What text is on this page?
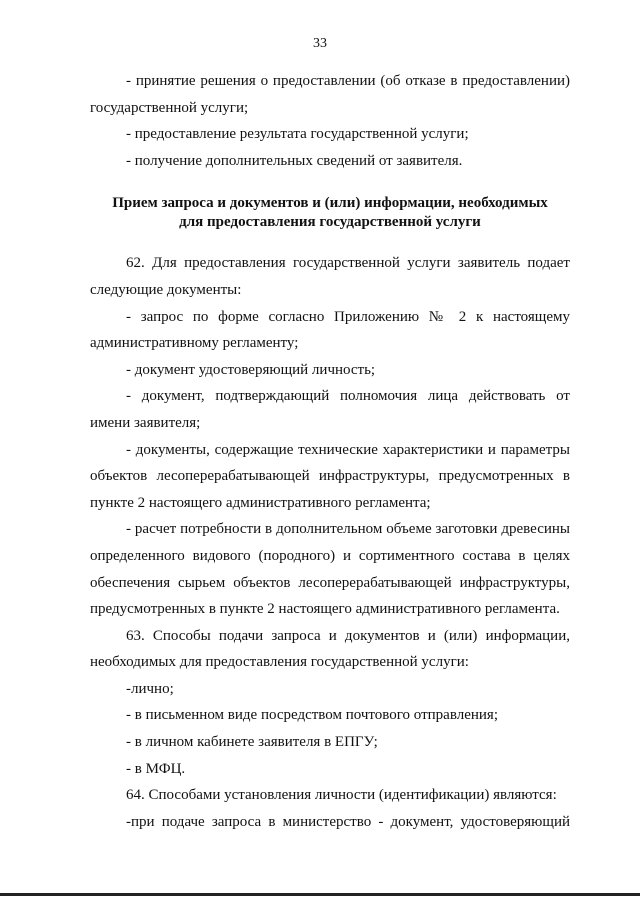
33

- принятие решения о предоставлении (об отказе в предоставлении) государственной услуги;

- предоставление результата государственной услуги;

- получение дополнительных сведений от заявителя.

Прием запроса и документов и (или) информации, необходимых
для предоставления государственной услуги

62. Для предоставления государственной услуги заявитель подает следующие документы:

- запрос по форме согласно Приложению № 2 к настоящему административному регламенту;

- документ удостоверяющий личность;

- документ, подтверждающий полномочия лица действовать от имени заявителя;

- документы, содержащие технические характеристики и параметры объектов лесоперерабатывающей инфраструктуры, предусмотренных в пункте 2 настоящего административного регламента;

- расчет потребности в дополнительном объеме заготовки древесины определенного видового (породного) и сортиментного состава в целях обеспечения сырьем объектов лесоперерабатывающей инфраструктуры, предусмотренных в пункте 2 настоящего административного регламента.

63. Способы подачи запроса и документов и (или) информации, необходимых для предоставления государственной услуги:

-лично;

- в письменном виде посредством почтового отправления;

- в личном кабинете заявителя в ЕПГУ;

- в МФЦ.

64. Способами установления личности (идентификации) являются:

-при подаче запроса в министерство - документ, удостоверяющий
